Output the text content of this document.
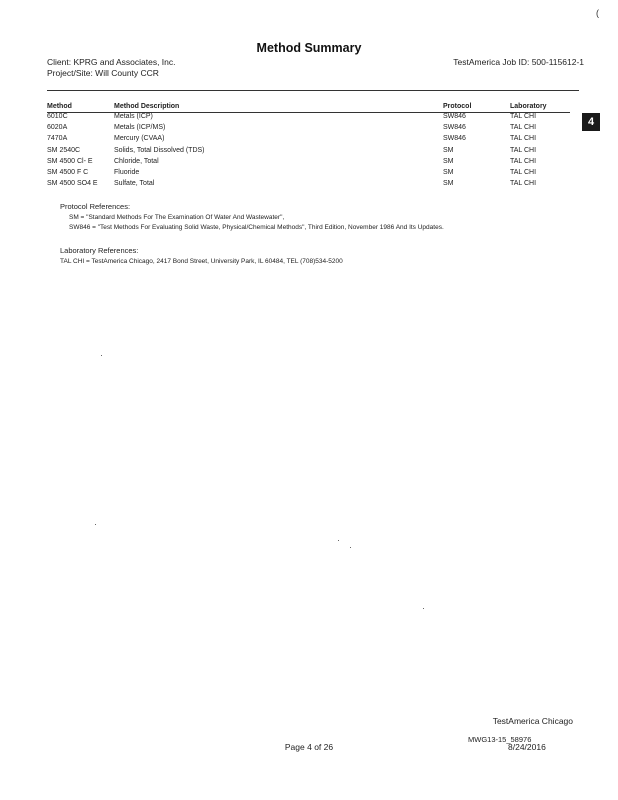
(
Method Summary
Client: KPRG and Associates, Inc.
Project/Site: Will County CCR
TestAmerica Job ID: 500-115612-1
4
Method	Method Description	Protocol	Laboratory
6010C	Metals (ICP)	SW846	TAL CHI
6020A	Metals (ICP/MS)	SW846	TAL CHI
7470A	Mercury (CVAA)	SW846	TAL CHI
SM 2540C	Solids, Total Dissolved (TDS)	SM	TAL CHI
SM 4500 Cl- E	Chloride, Total	SM	TAL CHI
SM 4500 F C	Fluoride	SM	TAL CHI
SM 4500 SO4 E	Sulfate, Total	SM	TAL CHI
Protocol References:
SM = "Standard Methods For The Examination Of Water And Wastewater",
SW846 = "Test Methods For Evaluating Solid Waste, Physical/Chemical Methods", Third Edition, November 1986 And Its Updates.
Laboratory References:
TAL CHI = TestAmerica Chicago, 2417 Bond Street, University Park, IL 60484, TEL (708)534-5200
TestAmerica Chicago
MWG13-15_58976
8/24/2016
Page 4 of 26
